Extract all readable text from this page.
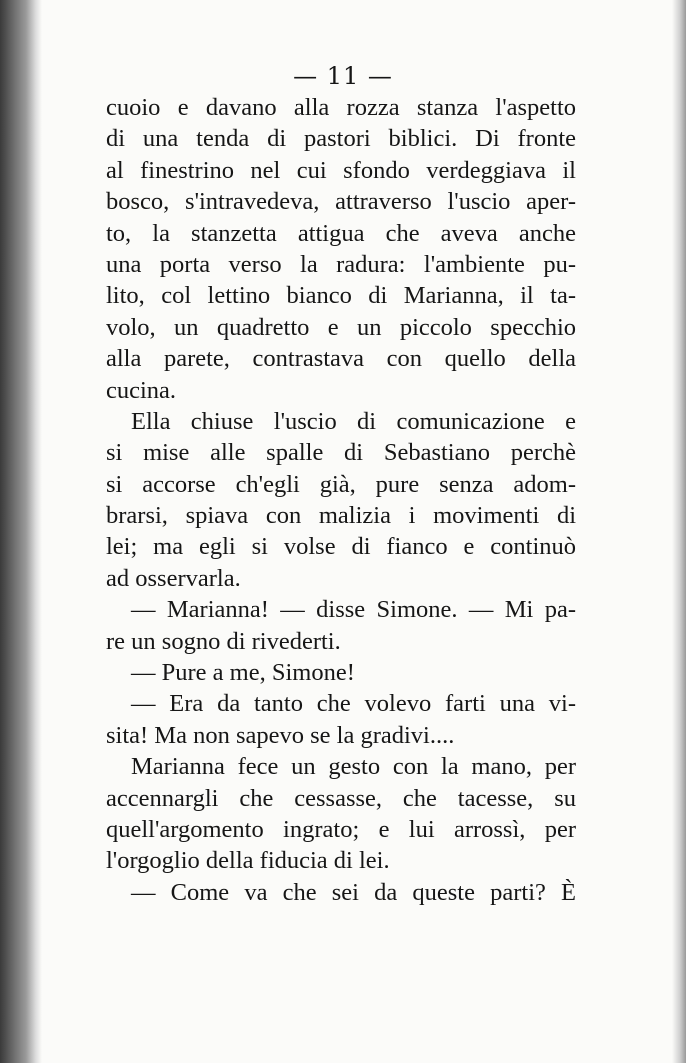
— 11 —
cuoio e davano alla rozza stanza l'aspetto
di una tenda di pastori biblici. Di fronte
al finestrino nel cui sfondo verdeggiava il
bosco, s'intravedeva, attraverso l'uscio aper-
to, la stanzetta attigua che aveva anche
una porta verso la radura: l'ambiente pu-
lito, col lettino bianco di Marianna, il ta-
volo, un quadretto e un piccolo specchio
alla parete, contrastava con quello della
cucina.
Ella chiuse l'uscio di comunicazione e
si mise alle spalle di Sebastiano perchè
si accorse ch'egli già, pure senza adom-
brarsi, spiava con malizia i movimenti di
lei; ma egli si volse di fianco e continuò
ad osservarla.
— Marianna! — disse Simone. — Mi pa-
re un sogno di rivederti.
— Pure a me, Simone!
— Era da tanto che volevo farti una vi-
sita! Ma non sapevo se la gradivi....
Marianna fece un gesto con la mano, per
accennargli che cessasse, che tacesse, su
quell'argomento ingrato; e lui arrossì, per
l'orgoglio della fiducia di lei.
— Come va che sei da queste parti? È
